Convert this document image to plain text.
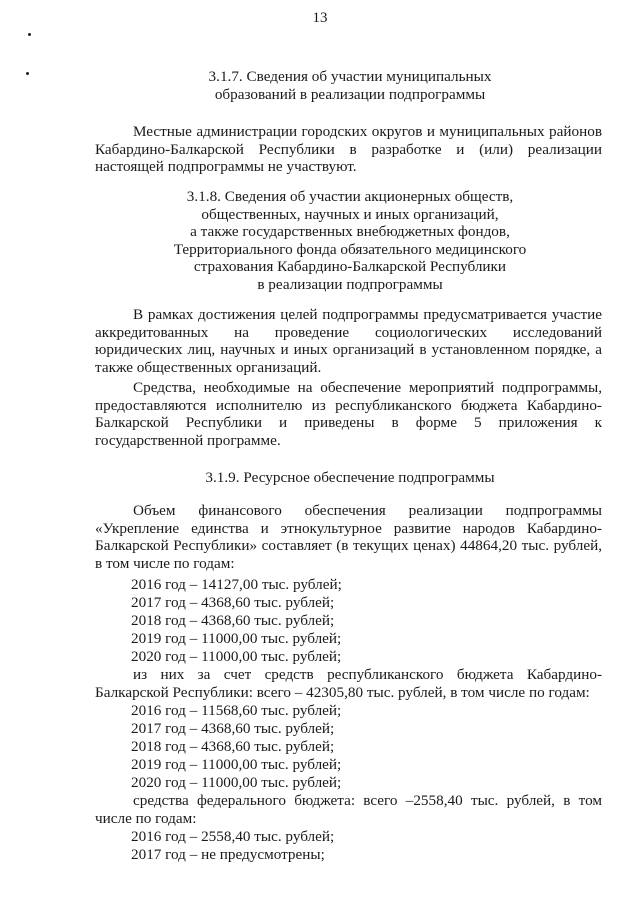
13
3.1.7. Сведения об участии муниципальных
образований в реализации подпрограммы
Местные администрации городских округов и муниципальных районов
Кабардино-Балкарской Республики в разработке и (или) реализации
настоящей подпрограммы не участвуют.
3.1.8. Сведения об участии акционерных обществ,
общественных, научных и иных организаций,
а также государственных внебюджетных фондов,
Территориального фонда обязательного медицинского
страхования Кабардино-Балкарской Республики
в реализации подпрограммы
В рамках достижения целей подпрограммы предусматривается участие
аккредитованных на проведение социологических исследований
юридических лиц, научных и иных организаций в установленном порядке, а
также общественных организаций.
Средства, необходимые на обеспечение мероприятий подпрограммы,
предоставляются исполнителю из республиканского бюджета Кабардино-
Балкарской Республики и приведены в форме 5 приложения к
государственной программе.
3.1.9. Ресурсное обеспечение подпрограммы
Объем финансового обеспечения реализации подпрограммы
«Укрепление единства и этнокультурное развитие народов Кабардино-
Балкарской Республики» составляет (в текущих ценах) 44864,20 тыс. рублей,
в том числе по годам:
2016 год – 14127,00 тыс. рублей;
2017 год – 4368,60 тыс. рублей;
2018 год – 4368,60 тыс. рублей;
2019 год – 11000,00 тыс. рублей;
2020 год – 11000,00 тыс. рублей;
из них за счет средств республиканского бюджета Кабардино-
Балкарской Республики: всего – 42305,80 тыс. рублей, в том числе по годам:
2016 год – 11568,60 тыс. рублей;
2017 год – 4368,60 тыс. рублей;
2018 год – 4368,60 тыс. рублей;
2019 год – 11000,00 тыс. рублей;
2020 год – 11000,00 тыс. рублей;
средства федерального бюджета: всего –2558,40 тыс. рублей, в том
числе по годам:
2016 год – 2558,40 тыс. рублей;
2017 год – не предусмотрены;
